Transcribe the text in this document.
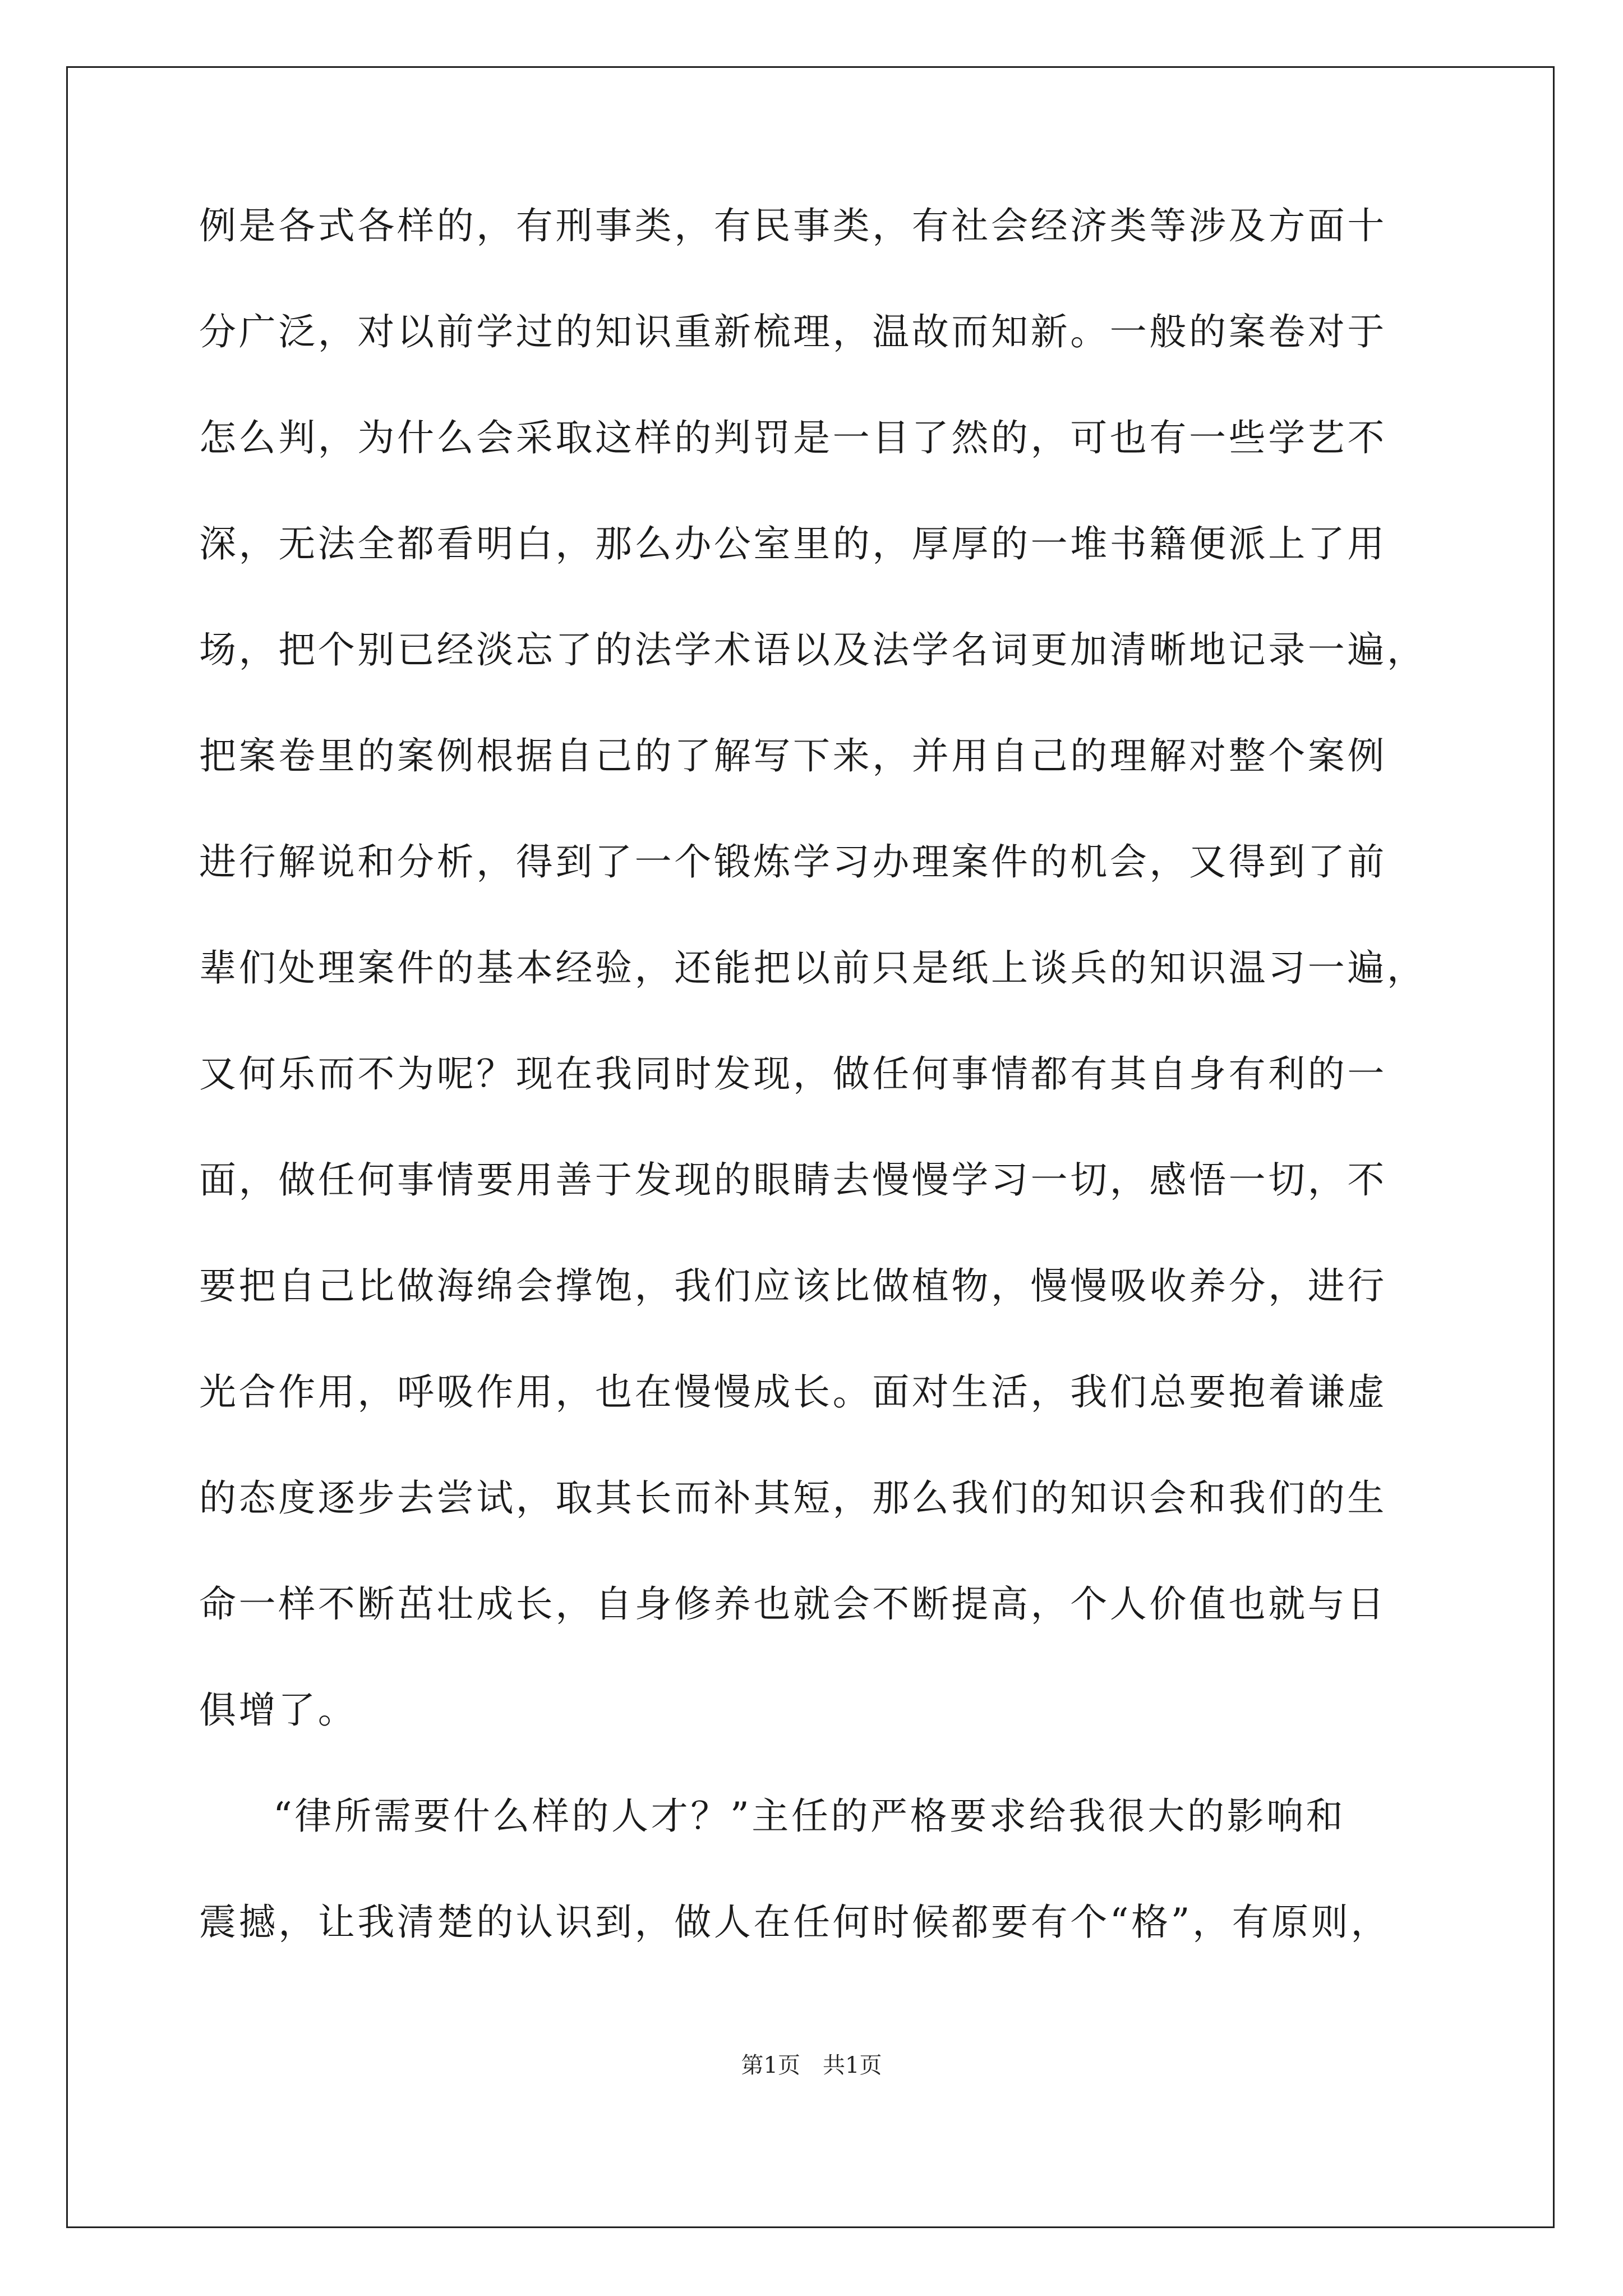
例是各式各样的，有刑事类，有民事类，有社会经济类等涉及方面十
分广泛，对以前学过的知识重新梳理，温故而知新。一般的案卷对于
怎么判，为什么会采取这样的判罚是一目了然的，可也有一些学艺不
深，无法全都看明白，那么办公室里的，厚厚的一堆书籍便派上了用
场，把个别已经淡忘了的法学术语以及法学名词更加清晰地记录一遍，
把案卷里的案例根据自己的了解写下来，并用自己的理解对整个案例
进行解说和分析，得到了一个锻炼学习办理案件的机会，又得到了前
辈们处理案件的基本经验，还能把以前只是纸上谈兵的知识温习一遍，
又何乐而不为呢？现在我同时发现，做任何事情都有其自身有利的一
面，做任何事情要用善于发现的眼睛去慢慢学习一切，感悟一切，不
要把自己比做海绵会撑饱，我们应该比做植物，慢慢吸收养分，进行
光合作用，呼吸作用，也在慢慢成长。面对生活，我们总要抱着谦虚
的态度逐步去尝试，取其长而补其短，那么我们的知识会和我们的生
命一样不断茁壮成长，自身修养也就会不断提高，个人价值也就与日
俱增了。
“律所需要什么样的人才？”主任的严格要求给我很大的影响和
震撼，让我清楚的认识到，做人在任何时候都要有个“格”，有原则，
第1页　共1页
